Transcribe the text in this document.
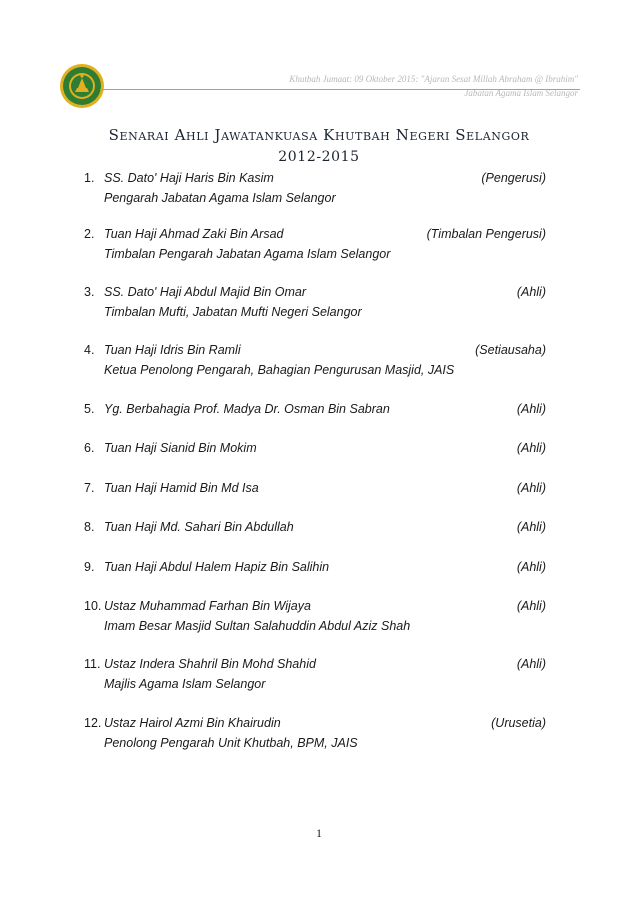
Khutbah Jumaat: 09 Oktober 2015: "Ajaran Sesat Millah Abraham @ Ibrahim"
Jabatan Agama Islam Selangor
Senarai Ahli Jawatankuasa Khutbah Negeri Selangor
2012-2015
1. SS. Dato' Haji Haris Bin Kasim	(Pengerusi)
Pengarah Jabatan Agama Islam Selangor
2. Tuan Haji Ahmad Zaki Bin Arsad	(Timbalan Pengerusi)
Timbalan Pengarah Jabatan Agama Islam Selangor
3. SS. Dato' Haji Abdul Majid Bin Omar	(Ahli)
Timbalan Mufti, Jabatan Mufti Negeri Selangor
4. Tuan Haji Idris Bin Ramli	(Setiausaha)
Ketua Penolong Pengarah, Bahagian Pengurusan Masjid, JAIS
5. Yg. Berbahagia Prof. Madya Dr. Osman Bin Sabran	(Ahli)
6. Tuan Haji Sianid Bin Mokim	(Ahli)
7. Tuan Haji Hamid Bin Md Isa	(Ahli)
8. Tuan Haji Md. Sahari Bin Abdullah	(Ahli)
9. Tuan Haji Abdul Halem Hapiz Bin Salihin	(Ahli)
10. Ustaz Muhammad Farhan Bin Wijaya	(Ahli)
Imam Besar Masjid Sultan Salahuddin Abdul Aziz Shah
11. Ustaz Indera Shahril Bin Mohd Shahid	(Ahli)
Majlis Agama Islam Selangor
12. Ustaz Hairol Azmi Bin Khairudin	(Urusetia)
Penolong Pengarah Unit Khutbah, BPM, JAIS
1
